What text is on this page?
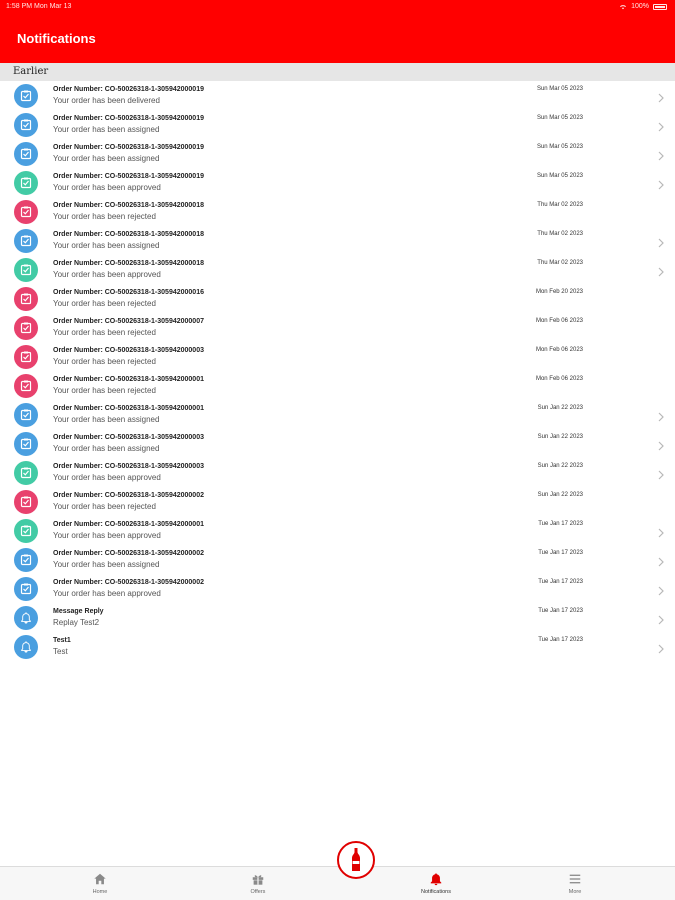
1:58 PM Mon Mar 13	100%
Notifications
Earlier
Order Number: CO-50026318-1-305942000019
Your order has been delivered
Sun Mar 05 2023
Order Number: CO-50026318-1-305942000019
Your order has been assigned
Sun Mar 05 2023
Order Number: CO-50026318-1-305942000019
Your order has been assigned
Sun Mar 05 2023
Order Number: CO-50026318-1-305942000019
Your order has been approved
Sun Mar 05 2023
Order Number: CO-50026318-1-305942000018
Your order has been rejected
Thu Mar 02 2023
Order Number: CO-50026318-1-305942000018
Your order has been assigned
Thu Mar 02 2023
Order Number: CO-50026318-1-305942000018
Your order has been approved
Thu Mar 02 2023
Order Number: CO-50026318-1-305942000016
Your order has been rejected
Mon Feb 20 2023
Order Number: CO-50026318-1-305942000007
Your order has been rejected
Mon Feb 06 2023
Order Number: CO-50026318-1-305942000003
Your order has been rejected
Mon Feb 06 2023
Order Number: CO-50026318-1-305942000001
Your order has been rejected
Mon Feb 06 2023
Order Number: CO-50026318-1-305942000001
Your order has been assigned
Sun Jan 22 2023
Order Number: CO-50026318-1-305942000003
Your order has been assigned
Sun Jan 22 2023
Order Number: CO-50026318-1-305942000003
Your order has been approved
Sun Jan 22 2023
Order Number: CO-50026318-1-305942000002
Your order has been rejected
Sun Jan 22 2023
Order Number: CO-50026318-1-305942000001
Your order has been approved
Tue Jan 17 2023
Order Number: CO-50026318-1-305942000002
Your order has been assigned
Tue Jan 17 2023
Order Number: CO-50026318-1-305942000002
Your order has been approved
Tue Jan 17 2023
Message Reply
Replay Test2
Tue Jan 17 2023
Test1
Test
Tue Jan 17 2023
Home	Offers	Notifications	More
